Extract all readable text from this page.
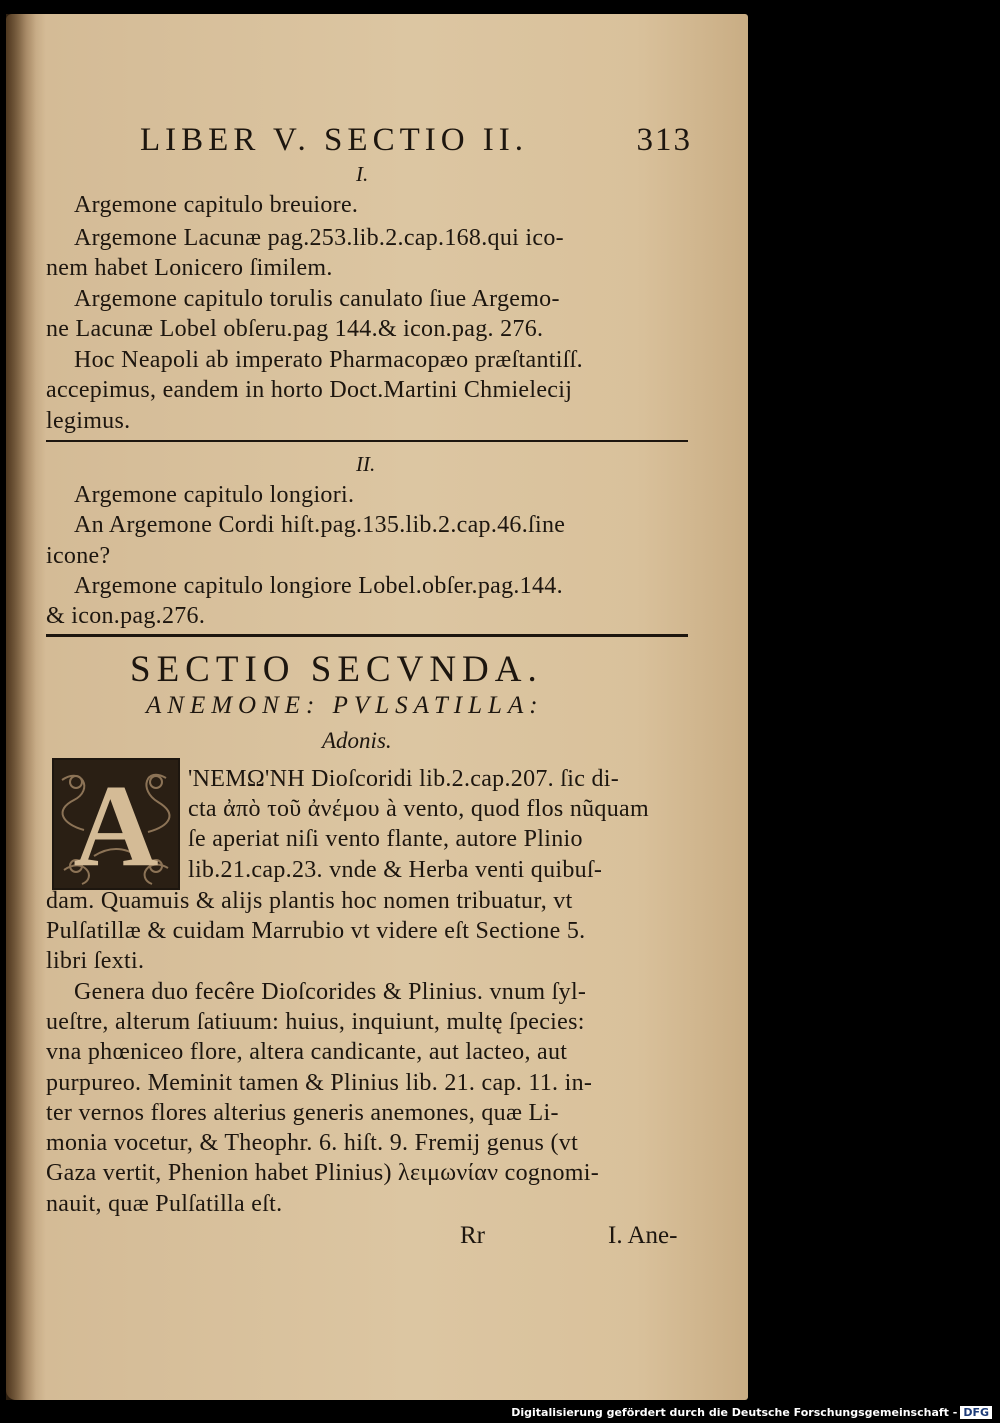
LIBER V. SECTIO II.	313
I.
Argemone capitulo breuiore.
Argemone Lacunæ pag.253.lib.2.cap.168.qui ico-
nem habet Lonicero ſimilem.
Argemone capitulo torulis canulato ſiue Argemo-
ne Lacunæ Lobel obſeru.pag 144.& icon.pag. 276.
Hoc Neapoli ab imperato Pharmacopæo præſtantiſſ.
accepimus, eandem in horto Doct.Martini Chmielecij
legimus.
II.
Argemone capitulo longiori.
An Argemone Cordi hiſt.pag.135.lib.2.cap.46.ſine
icone?
Argemone capitulo longiore Lobel.obſer.pag.144.
& icon.pag.276.
SECTIO SECVNDA.
ANEMONE: PVLSATILLA:
Adonis.
A	'NEMΩ'NH Dioſcoridi lib.2.cap.207. ſic di-
cta ἀπὸ τοῦ ἀνέμου à vento, quod flos nũquam
ſe aperiat niſi vento flante, autore Plinio
lib.21.cap.23. vnde & Herba venti quibuſ-
dam. Quamuis & alijs plantis hoc nomen tribuatur, vt
Pulſatillæ & cuidam Marrubio vt videre eſt Sectione 5.
libri ſexti.
Genera duo fecêre Dioſcorides & Plinius. vnum ſyl-
ueſtre, alterum ſatiuum: huius, inquiunt, multę ſpecies:
vna phœniceo flore, altera candicante, aut lacteo, aut
purpureo. Meminit tamen & Plinius lib. 21. cap. 11. in-
ter vernos flores alterius generis anemones, quæ Li-
monia vocetur, & Theophr. 6. hiſt. 9. Fremij genus (vt
Gaza vertit, Phenion habet Plinius) λειμωνίαν cognomi-
nauit, quæ Pulſatilla eſt.
Rr	I. Ane-
Digitalisierung gefördert durch die Deutsche Forschungsgemeinschaft - DFG
